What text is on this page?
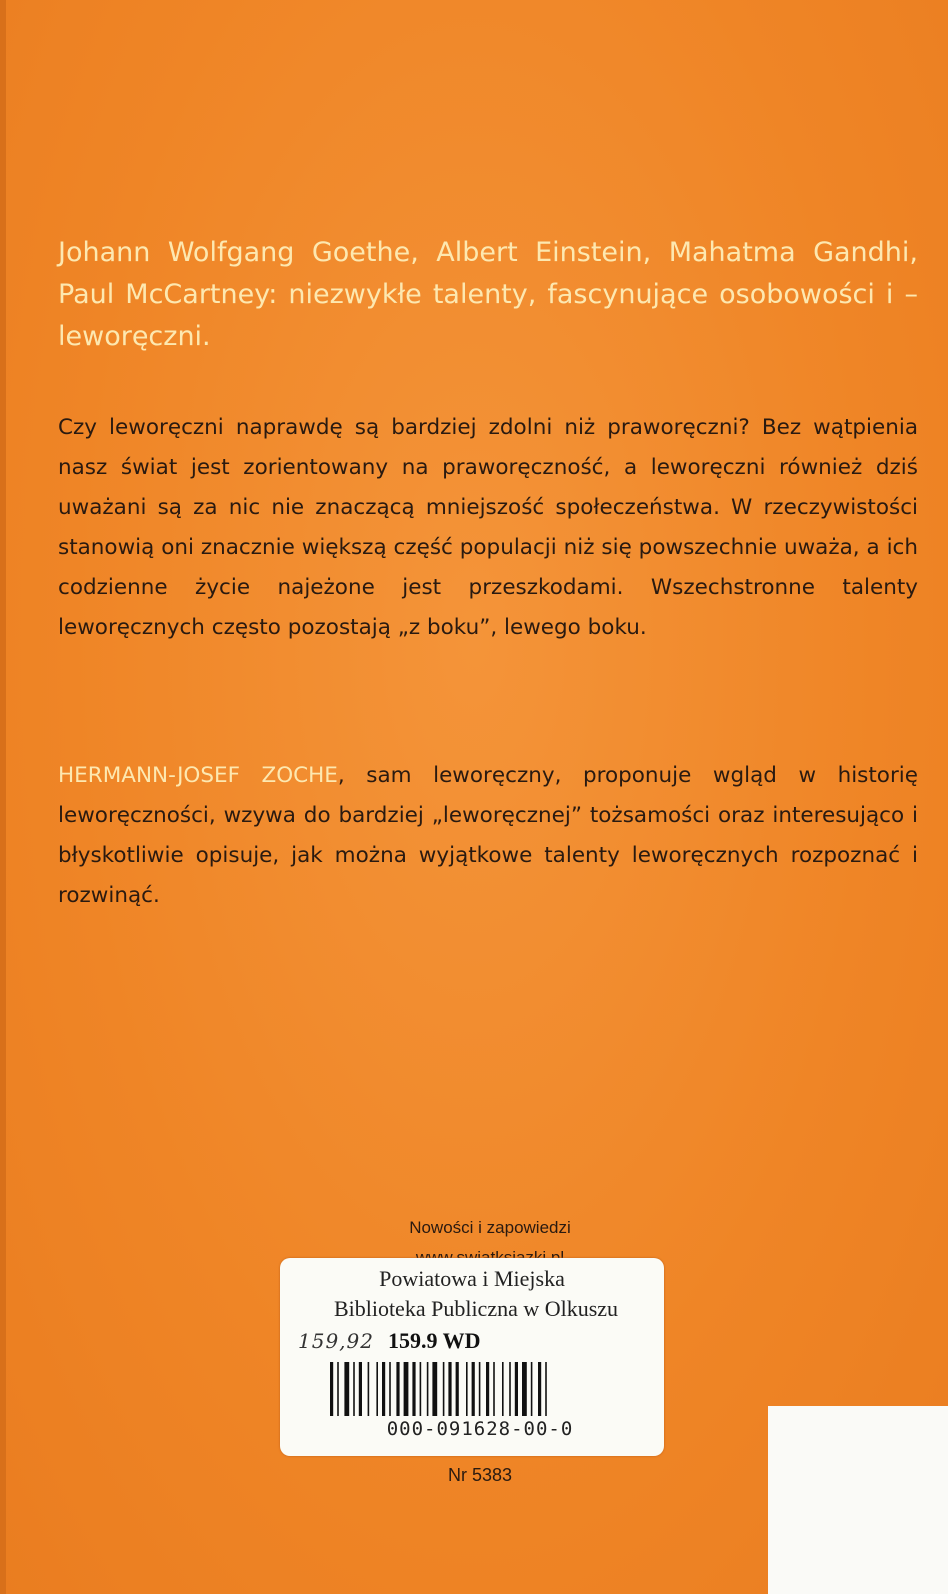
Johann Wolfgang Goethe, Albert Einstein, Mahatma Gandhi, Paul McCartney: niezwykłe talenty, fascynujące osobowości i – leworęczni.
Czy leworęczni naprawdę są bardziej zdolni niż praworęczni? Bez wątpienia nasz świat jest zorientowany na praworęczność, a leworęczni również dziś uważani są za nic nie znaczącą mniejszość społeczeństwa. W rzeczywistości stanowią oni znacznie większą część populacji niż się powszechnie uważa, a ich codzienne życie najeżone jest przeszkodami. Wszechstronne talenty leworęcznych często pozostają „z boku”, lewego boku.
HERMANN-JOSEF ZOCHE, sam leworęczny, proponuje wgląd w historię leworęczności, wzywa do bardziej „leworęcznej” tożsamości oraz interesująco i błyskotliwie opisuje, jak można wyjątkowe talenty leworęcznych rozpoznać i rozwinąć.
Nowości i zapowiedzi
Powiatowa i Miejska
Biblioteka Publiczna w Olkuszu
159,92 159.9 WD
000-091628-00-0
Nr 5383
